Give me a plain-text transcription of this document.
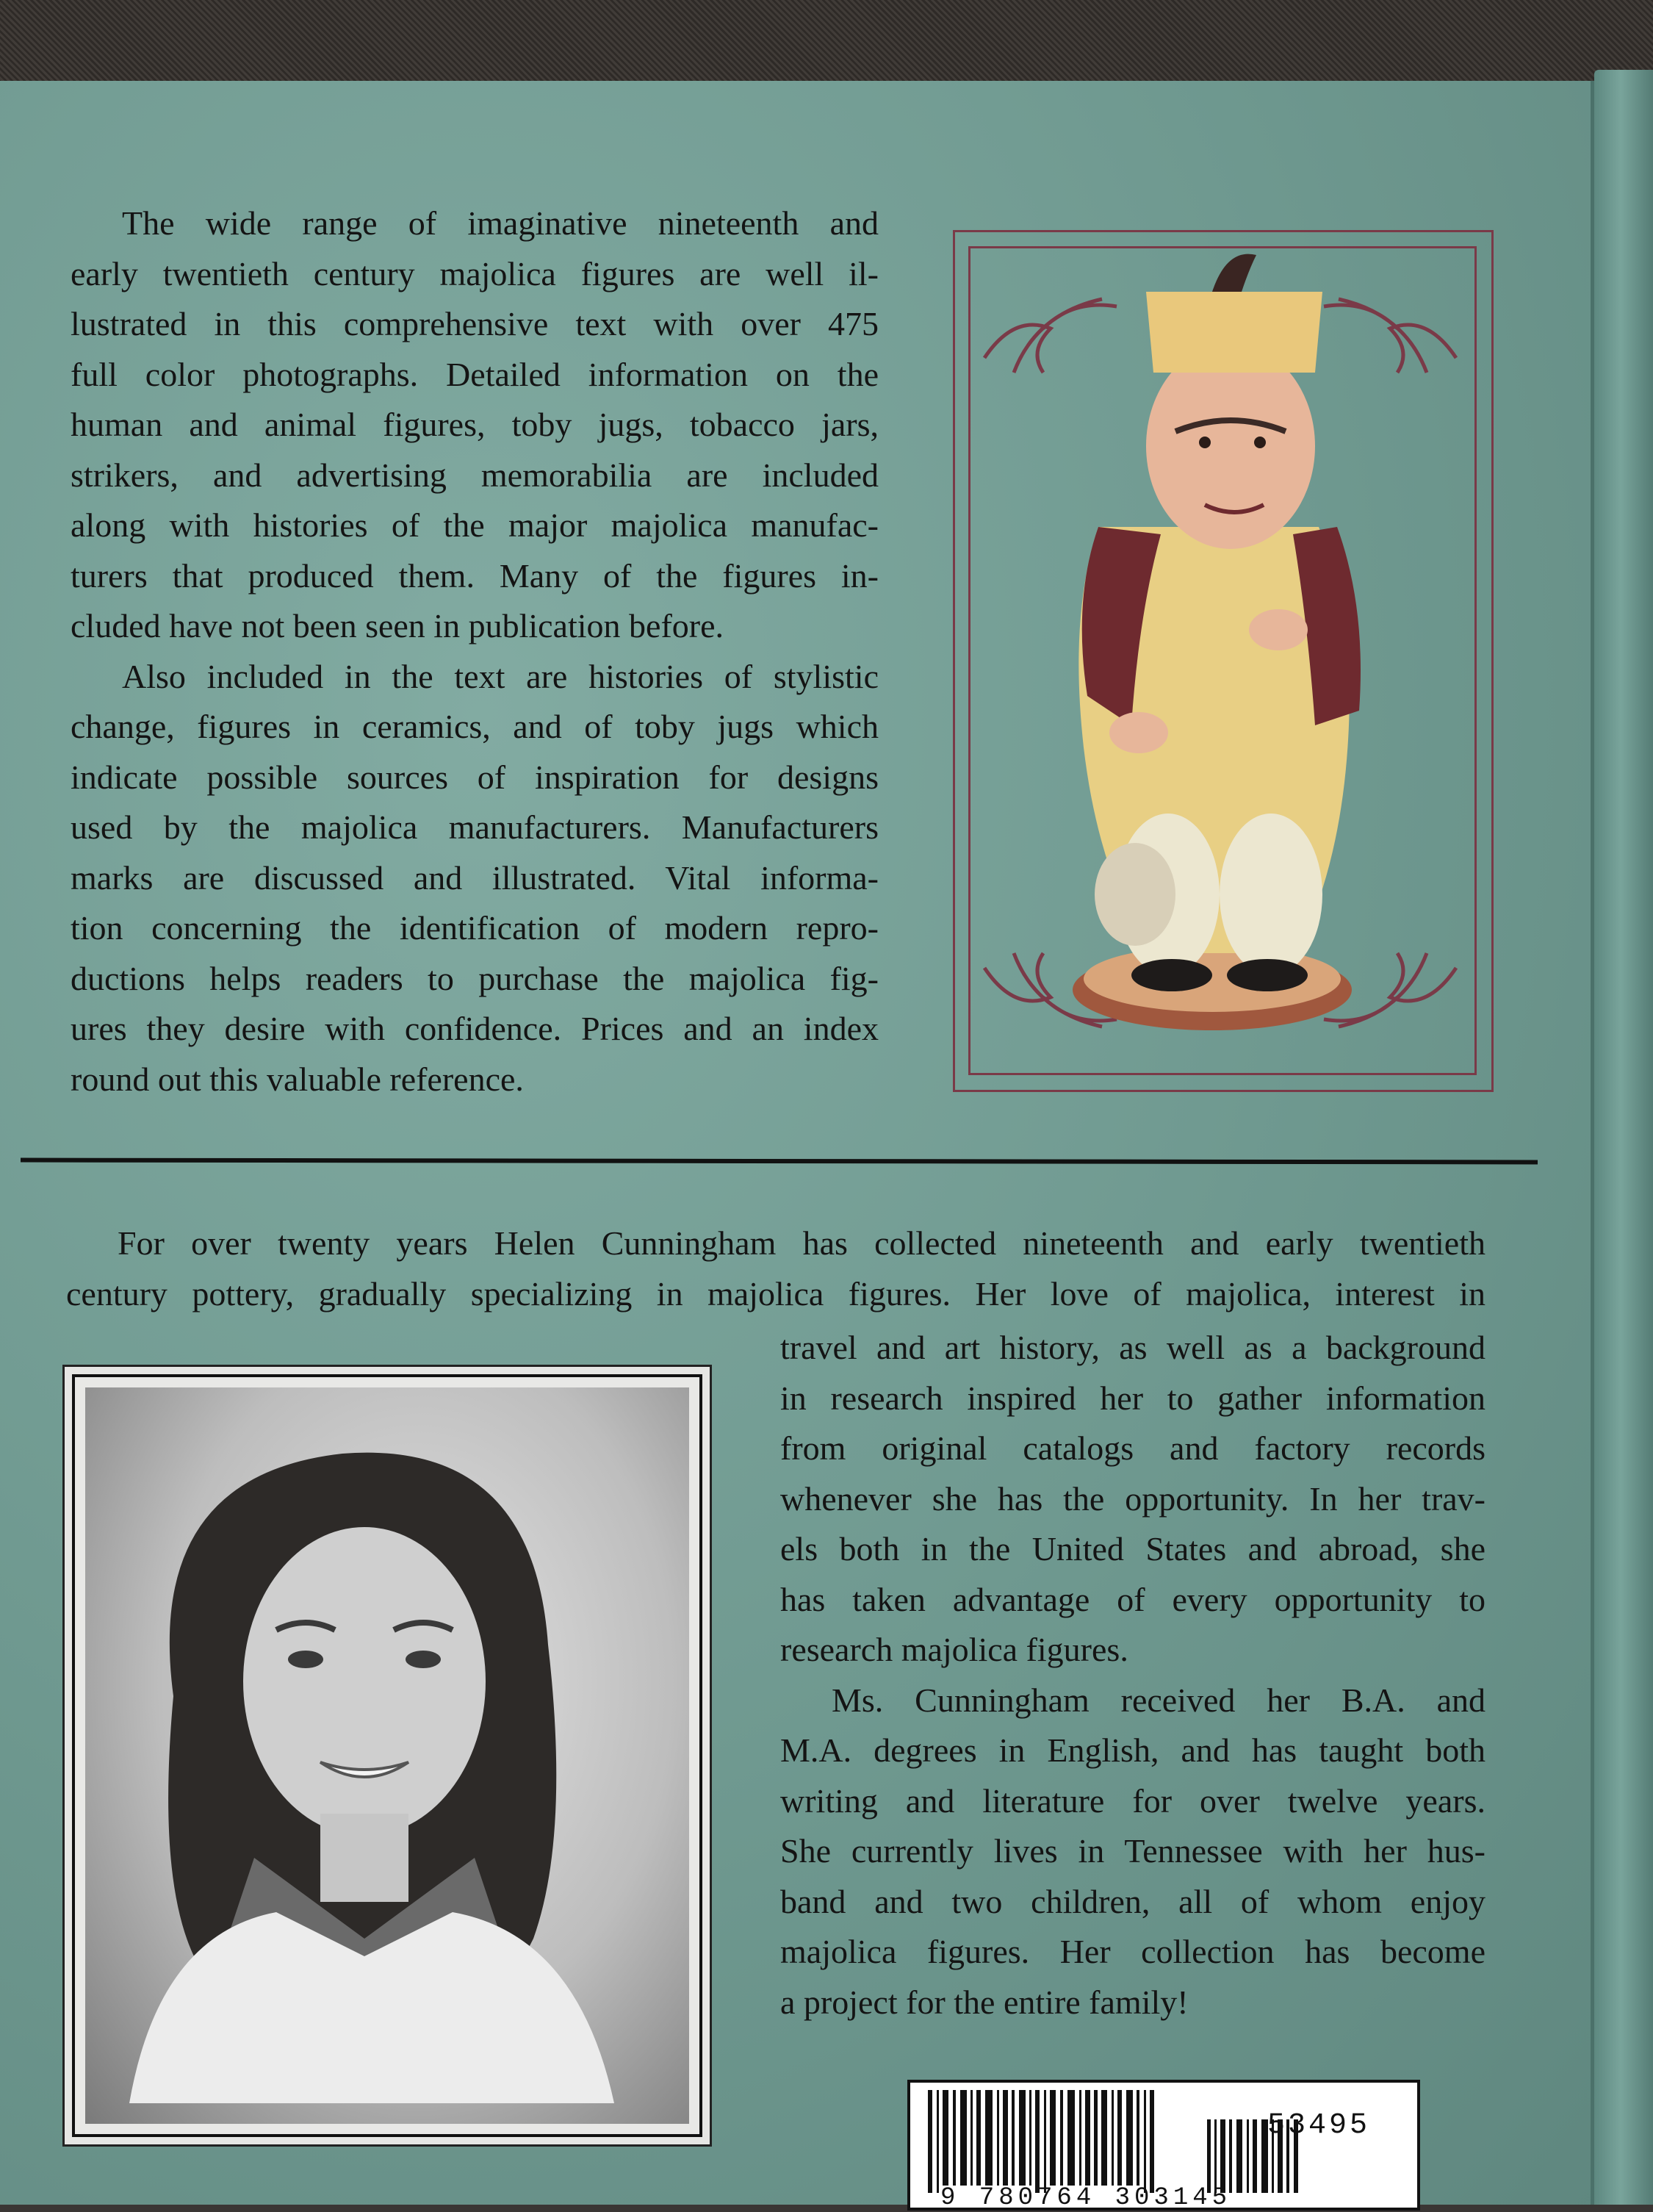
The wide range of imaginative nineteenth and
early twentieth century majolica figures are well il-
lustrated in this comprehensive text with over 475
full color photographs. Detailed information on the
human and animal figures, toby jugs, tobacco jars,
strikers, and advertising memorabilia are included
along with histories of the major majolica manufac-
turers that produced them. Many of the figures in-
cluded have not been seen in publication before.
Also included in the text are histories of stylistic
change, figures in ceramics, and of toby jugs which
indicate possible sources of inspiration for designs
used by the majolica manufacturers. Manufacturers
marks are discussed and illustrated. Vital informa-
tion concerning the identification of modern repro-
ductions helps readers to purchase the majolica fig-
ures they desire with confidence. Prices and an index
round out this valuable reference.
For over twenty years Helen Cunningham has collected nineteenth and early twentieth
century pottery, gradually specializing in majolica figures. Her love of majolica, interest in
travel and art history, as well as a background
in research inspired her to gather information
from original catalogs and factory records
whenever she has the opportunity. In her trav-
els both in the United States and abroad, she
has taken advantage of every opportunity to
research majolica figures.
Ms. Cunningham received her B.A. and
M.A. degrees in English, and has taught both
writing and literature for over twelve years.
She currently lives in Tennessee with her hus-
band and two children, all of whom enjoy
majolica figures. Her collection has become
a project for the entire family!
53495
9 780764 303145
